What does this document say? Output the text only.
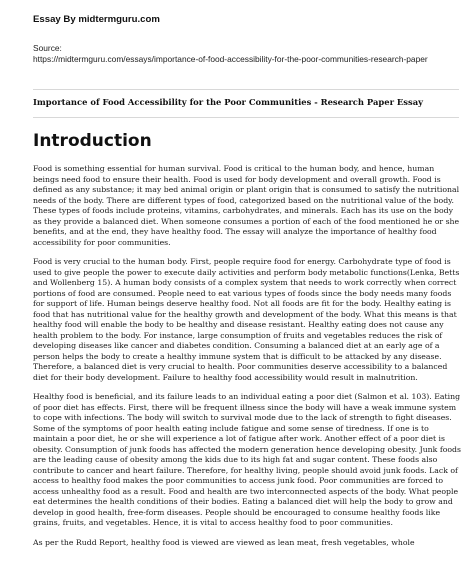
Essay By midtermguru.com
Source:
https://midtermguru.com/essays/importance-of-food-accessibility-for-the-poor-communities-research-paper
Importance of Food Accessibility for the Poor Communities - Research Paper Essay
Introduction

Food is something essential for human survival. Food is critical to the human body, and hence, human beings need food to ensure their health. Food is used for body development and overall growth. Food is defined as any substance; it may bed animal origin or plant origin that is consumed to satisfy the nutritional needs of the body. There are different types of food, categorized based on the nutritional value of the body. These types of foods include proteins, vitamins, carbohydrates, and minerals. Each has its use on the body as they provide a balanced diet. When someone consumes a portion of each of the food mentioned he or she benefits, and at the end, they have healthy food. The essay will analyze the importance of healthy food accessibility for poor communities.

Food is very crucial to the human body. First, people require food for energy. Carbohydrate type of food is used to give people the power to execute daily activities and perform body metabolic functions(Lenka, Betts and Wollenberg 15). A human body consists of a complex system that needs to work correctly when correct portions of food are consumed. People need to eat various types of foods since the body needs many foods for support of life. Human beings deserve healthy food. Not all foods are fit for the body. Healthy eating is food that has nutritional value for the healthy growth and development of the body. What this means is that healthy food will enable the body to be healthy and disease resistant. Healthy eating does not cause any health problem to the body. For instance, large consumption of fruits and vegetables reduces the risk of developing diseases like cancer and diabetes condition. Consuming a balanced diet at an early age of a person helps the body to create a healthy immune system that is difficult to be attacked by any disease. Therefore, a balanced diet is very crucial to health. Poor communities deserve accessibility to a balanced diet for their body development. Failure to healthy food accessibility would result in malnutrition.

Healthy food is beneficial, and its failure leads to an individual eating a poor diet (Salmon et al. 103). Eating of poor diet has effects. First, there will be frequent illness since the body will have a weak immune system to cope with infections. The body will switch to survival mode due to the lack of strength to fight diseases. Some of the symptoms of poor health eating include fatigue and some sense of tiredness. If one is to maintain a poor diet, he or she will experience a lot of fatigue after work. Another effect of a poor diet is obesity. Consumption of junk foods has affected the modern generation hence developing obesity. Junk foods are the leading cause of obesity among the kids due to its high fat and sugar content. These foods also contribute to cancer and heart failure. Therefore, for healthy living, people should avoid junk foods. Lack of access to healthy food makes the poor communities to access junk food. Poor communities are forced to access unhealthy food as a result. Food and health are two interconnected aspects of the body. What people eat determines the health conditions of their bodies. Eating a balanced diet will help the body to grow and develop in good health, free-form diseases. People should be encouraged to consume healthy foods like grains, fruits, and vegetables. Hence, it is vital to access healthy food to poor communities.

As per the Rudd Report, healthy food is viewed are viewed as lean meat, fresh vegetables, whole
